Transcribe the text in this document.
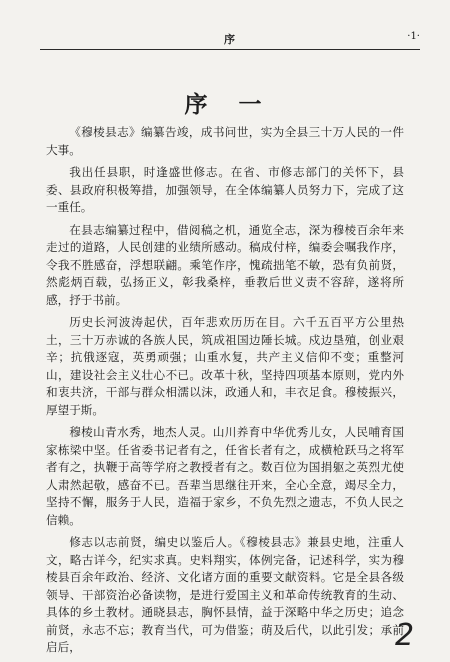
序	·1·
序　一

《穆棱县志》编纂告竣，成书问世，实为全县三十万人民的一件大事。

我出任县职，时逢盛世修志。在省、市修志部门的关怀下，县委、县政府积极筹措，加强领导，在全体编纂人员努力下，完成了这一重任。

在县志编纂过程中，借阅稿之机，通览全志，深为穆棱百余年来走过的道路，人民创建的业绩所感动。稿成付梓，编委会嘱我作序，令我不胜感奋，浮想联翩。乘笔作序，愧疏拙笔不敏，恐有负前贤，然彪炳百载，弘扬正义，彰我桑梓，垂教后世义责不容辞，遂将所感，抒于书前。

历史长河波涛起伏，百年悲欢历历在目。六千五百平方公里热土，三十万赤诚的各族人民，筑成祖国边陲长城。戍边垦殖，创业艰辛；抗俄逐寇，英勇顽强；山重水复，共产主义信仰不变；重整河山，建设社会主义壮心不已。改革十秋，坚持四项基本原则，党内外和衷共济，干部与群众相濡以沫，政通人和，丰衣足食。穆棱振兴，厚望于斯。

穆棱山青水秀，地杰人灵。山川养育中华优秀儿女，人民哺育国家栋梁中坚。任省委书记者有之，任省长者有之，成横枪跃马之将军者有之，执鞭于高等学府之教授者有之。数百位为国捐躯之英烈尤使人肃然起敬，感奋不已。吾辈当思继往开来，全心全意，竭尽全力，坚持不懈，服务于人民，造福于家乡，不负先烈之遗志，不负人民之信赖。

修志以志前贤，编史以鉴后人。《穆棱县志》兼县史地，注重人文，略古详今，纪实求真。史料翔实，体例完备，记述科学，实为穆棱县百余年政治、经济、文化诸方面的重要文献资料。它是全县各级领导、干部资治必备读物，是进行爱国主义和革命传统教育的生动、具体的乡土教材。通晓县志，胸怀县情，益于深略中华之历史；追念前贤，永志不忘；教育当代，可为借鉴；萌及后代，以此引发；承前启后，	2
